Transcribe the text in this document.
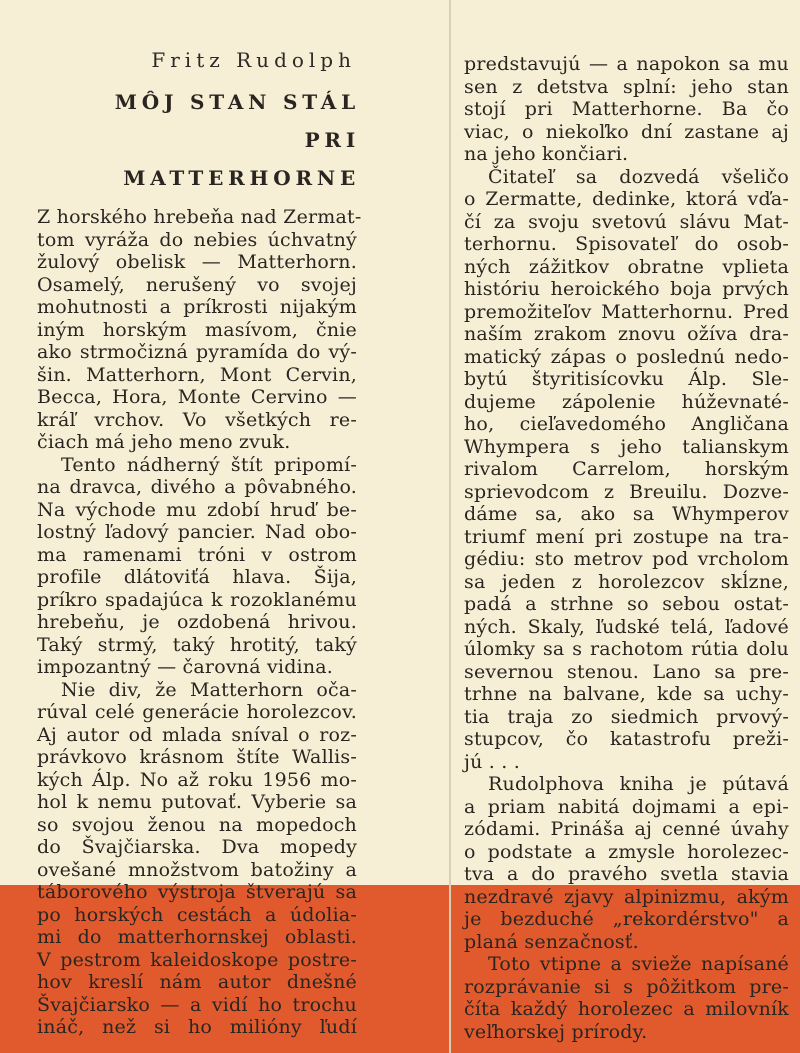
Fritz Rudolph
MÔJ STAN STÁL
PRI
MATTERHORNE
Z horského hrebeňa nad Zermat-
tom vyráža do nebies úchvatný
žulový obelisk — Matterhorn.
Osamelý, nerušený vo svojej
mohutnosti a príkrosti nijakým
iným horským masívom, čnie
ako strmočizná pyramída do vý-
šin. Matterhorn, Mont Cervin,
Becca, Hora, Monte Cervino —
kráľ vrchov. Vo všetkých re-
čiach má jeho meno zvuk.
Tento nádherný štít pripomí-
na dravca, divého a pôvabného.
Na východe mu zdobí hruď be-
lostný ľadový pancier. Nad obo-
ma ramenami tróni v ostrom
profile dlátoviťá hlava. Šija,
príkro spadajúca k rozoklanému
hrebeňu, je ozdobená hrivou.
Taký strmý, taký hrotitý, taký
impozantný — čarovná vidina.
Nie div, že Matterhorn oča-
rúval celé generácie horolezcov.
Aj autor od mlada sníval o roz-
právkovo krásnom štíte Wallis-
kých Álp. No až roku 1956 mo-
hol k nemu putovať. Vyberie sa
so svojou ženou na mopedoch
do Švajčiarska. Dva mopedy
ovešané množstvom batožiny a
táborového výstroja štverajú sa
po horských cestách a údolia-
mi do matterhornskej oblasti.
V pestrom kaleidoskope postre-
hov kreslí nám autor dnešné
Švajčiarsko — a vidí ho trochu
ináč, než si ho milióny ľudí
predstavujú — a napokon sa mu
sen z detstva splní: jeho stan
stojí pri Matterhorne. Ba čo
viac, o niekoľko dní zastane aj
na jeho končiari.
Čitateľ sa dozvedá všeličo
o Zermatte, dedinke, ktorá vďa-
čí za svoju svetovú slávu Mat-
terhornu. Spisovateľ do osob-
ných zážitkov obratne vplieta
históriu heroického boja prvých
premožiteľov Matterhornu. Pred
naším zrakom znovu ožíva dra-
matický zápas o poslednú nedo-
bytú štyritisícovku Álp. Sle-
dujeme zápolenie húževnaté-
ho, cieľavedomého Angličana
Whympera s jeho talianskym
rivalom Carrelom, horským
sprievodcom z Breuilu. Dozve-
dáme sa, ako sa Whymperov
triumf mení pri zostupe na tra-
gédiu: sto metrov pod vrcholom
sa jeden z horolezcov skĺzne,
padá a strhne so sebou ostat-
ných. Skaly, ľudské telá, ľadové
úlomky sa s rachotom rútia dolu
severnou stenou. Lano sa pre-
trhne na balvane, kde sa uchy-
tia traja zo siedmich prvový-
stupcov, čo katastrofu preži-
jú . . .
Rudolphova kniha je pútavá
a priam nabitá dojmami a epi-
zódami. Prináša aj cenné úvahy
o podstate a zmysle horolezec-
tva a do pravého svetla stavia
nezdravé zjavy alpinizmu, akým
je bezduché „rekordérstvo" a
planá senzačnosť.
Toto vtipne a svieže napísané
rozprávanie si s pôžitkom pre-
číta každý horolezec a milovník
veľhorskej prírody.
